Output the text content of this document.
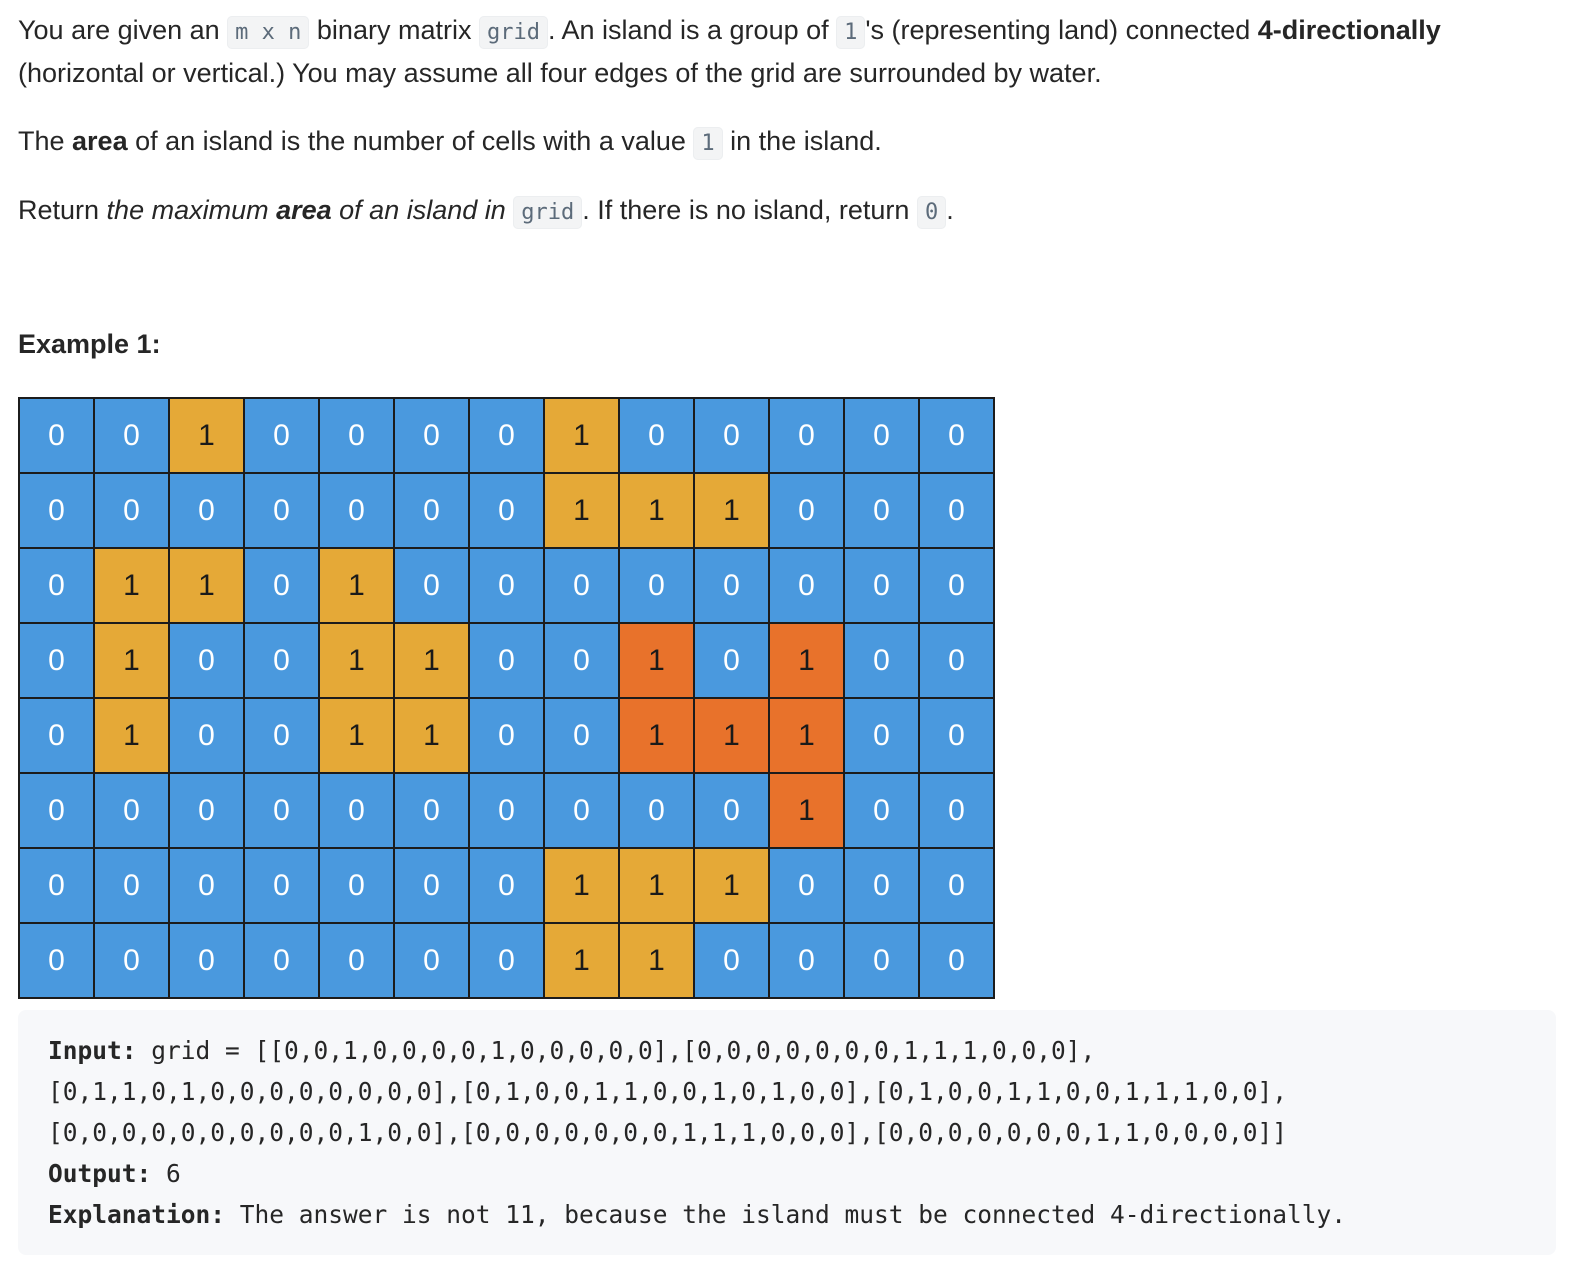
You are given an m x n binary matrix grid . An island is a group of 1 's (representing land) connected 4-directionally (horizontal or vertical.) You may assume all four edges of the grid are surrounded by water.

The area of an island is the number of cells with a value 1 in the island.

Return the maximum area of an island in grid . If there is no island, return 0 .

Example 1:

0	0	1	0	0	0	0	1	0	0	0	0	0
0	0	0	0	0	0	0	1	1	1	0	0	0
0	1	1	0	1	0	0	0	0	0	0	0	0
0	1	0	0	1	1	0	0	1	0	1	0	0
0	1	0	0	1	1	0	0	1	1	1	0	0
0	0	0	0	0	0	0	0	0	0	1	0	0
0	0	0	0	0	0	0	1	1	1	0	0	0
0	0	0	0	0	0	0	1	1	0	0	0	0

Input: grid = [[0,0,1,0,0,0,0,1,0,0,0,0,0],[0,0,0,0,0,0,0,1,1,1,0,0,0],

[0,1,1,0,1,0,0,0,0,0,0,0,0],[0,1,0,0,1,1,0,0,1,0,1,0,0],[0,1,0,0,1,1,0,0,1,1,1,0,0],

[0,0,0,0,0,0,0,0,0,0,1,0,0],[0,0,0,0,0,0,0,1,1,1,0,0,0],[0,0,0,0,0,0,0,1,1,0,0,0,0]]

Output: 6

Explanation: The answer is not 11, because the island must be connected 4-directionally.
